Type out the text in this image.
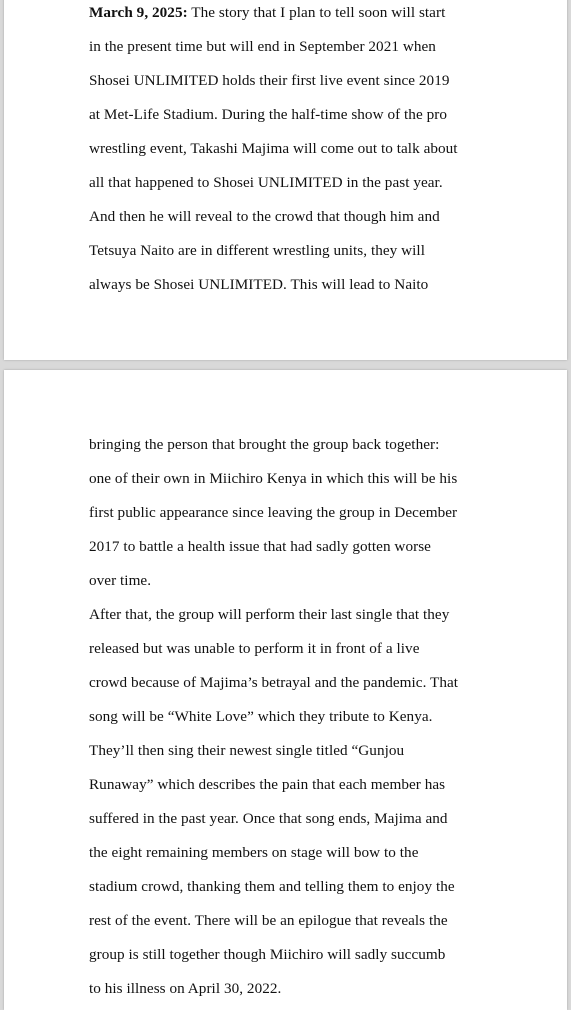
March 9, 2025: The story that I plan to tell soon will start
in the present time but will end in September 2021 when
Shosei UNLIMITED holds their first live event since 2019
at Met-Life Stadium. During the half-time show of the pro
wrestling event, Takashi Majima will come out to talk about
all that happened to Shosei UNLIMITED in the past year.
And then he will reveal to the crowd that though him and
Tetsuya Naito are in different wrestling units, they will
always be Shosei UNLIMITED. This will lead to Naito
bringing the person that brought the group back together:
one of their own in Miichiro Kenya in which this will be his
first public appearance since leaving the group in December
2017 to battle a health issue that had sadly gotten worse
over time.
After that, the group will perform their last single that they
released but was unable to perform it in front of a live
crowd because of Majima’s betrayal and the pandemic. That
song will be “White Love” which they tribute to Kenya.
They’ll then sing their newest single titled “Gunjou
Runaway” which describes the pain that each member has
suffered in the past year. Once that song ends, Majima and
the eight remaining members on stage will bow to the
stadium crowd, thanking them and telling them to enjoy the
rest of the event. There will be an epilogue that reveals the
group is still together though Miichiro will sadly succumb
to his illness on April 30, 2022.
